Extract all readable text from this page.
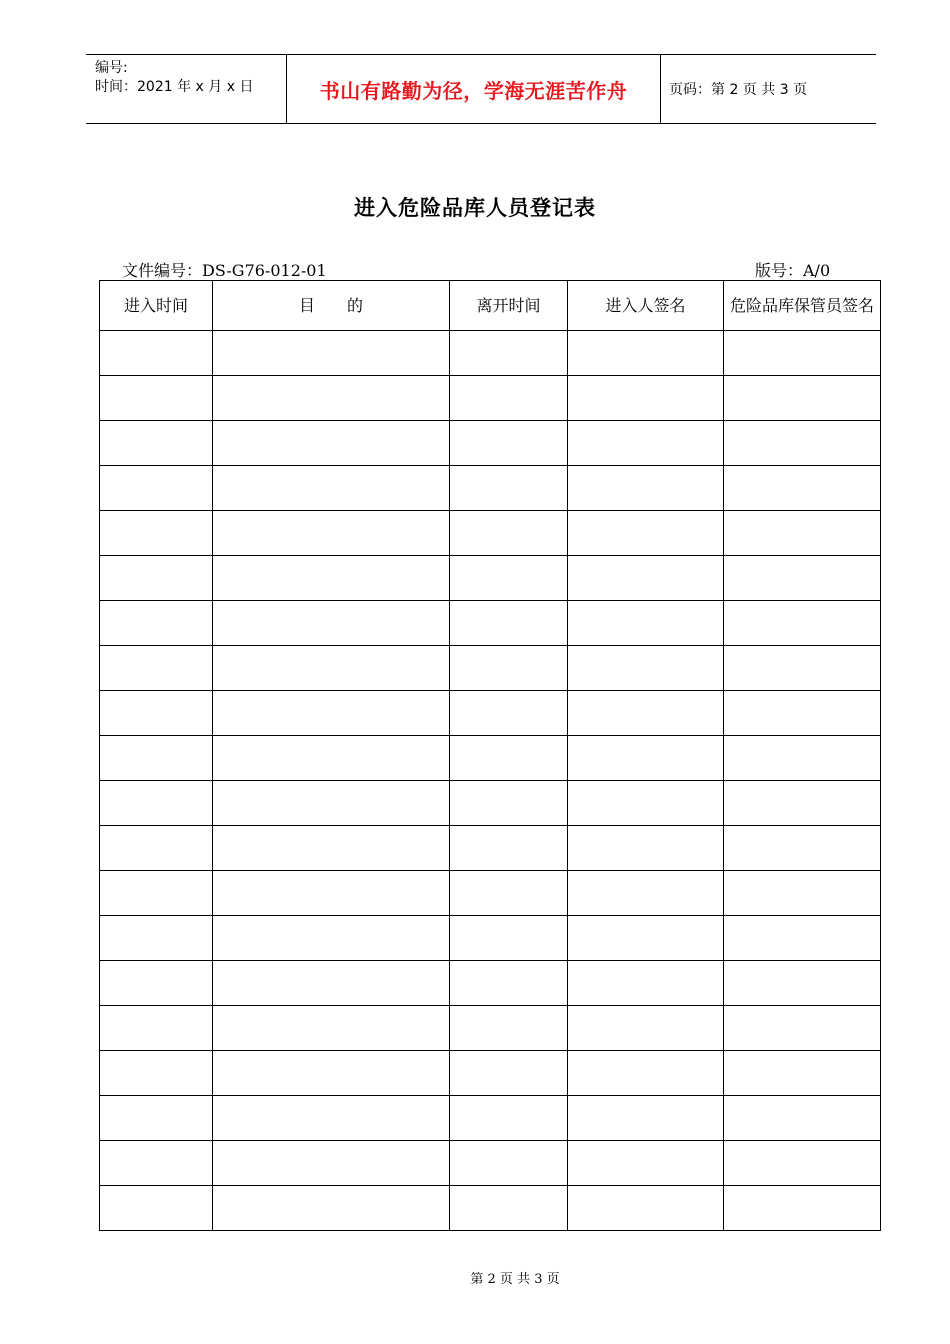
编号:
时间：2021 年 x 月 x 日	书山有路勤为径，学海无涯苦作舟	页码：第 2 页 共 3 页
进入危险品库人员登记表
文件编号：DS-G76-012-01	版号：A/0
进入时间	目　　的	离开时间	进入人签名	危险品库保管员签名

第 2 页 共 3 页
